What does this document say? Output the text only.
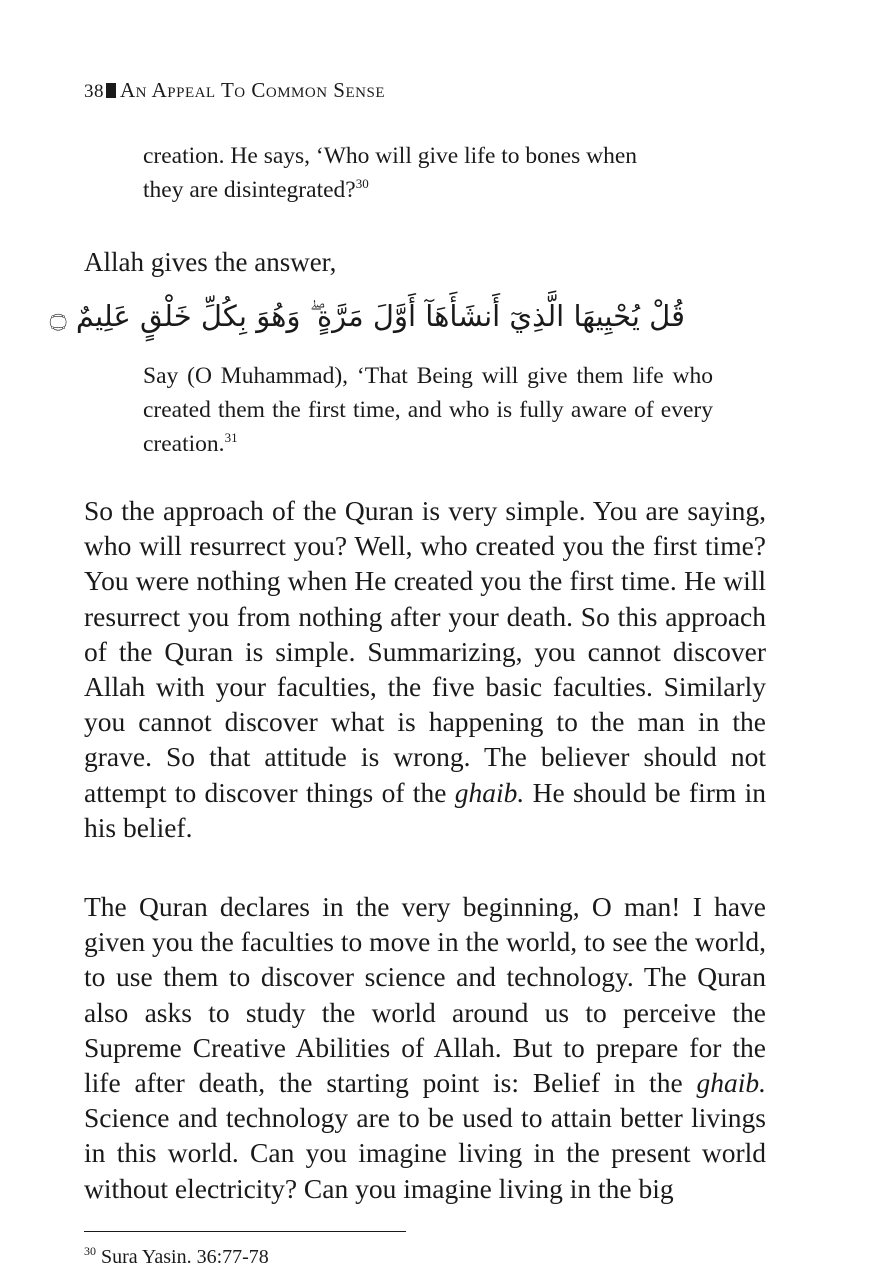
38 An Appeal To Common Sense

creation. He says, ‘Who will give life to bones when

they are disintegrated?$^{30}$

Allah gives the answer,
قُلْ يُحْيِيهَا الَّذِيٓ أَنشَأَهَآ أَوَّلَ مَرَّةٍ ۖ وَهُوَ بِكُلِّ خَلْقٍ عَلِيمٌ ۝

Say (O Muhammad), ‘That Being will give them life who created them the first time, and who is fully aware of every creation.$^{31}$

So the approach of the Quran is very simple. You are saying, who will resurrect you? Well, who created you the first time? You were nothing when He created you the first time. He will resurrect you from nothing after your death. So this approach of the Quran is simple. Summarizing, you cannot discover Allah with your faculties, the five basic faculties. Similarly you cannot discover what is happening to the man in the grave. So that attitude is wrong. The believer should not attempt to discover things of the ghaib. He should be firm in his belief.

The Quran declares in the very beginning, O man! I have given you the faculties to move in the world, to see the world, to use them to discover science and technology. The Quran also asks to study the world around us to perceive the Supreme Creative Abilities of Allah. But to prepare for the life after death, the starting point is: Belief in the ghaib. Science and technology are to be used to attain better livings in this world. Can you imagine living in the present world without electricity? Can you imagine living in the big

$^{30}$ Sura Yasin. 36:77-78
